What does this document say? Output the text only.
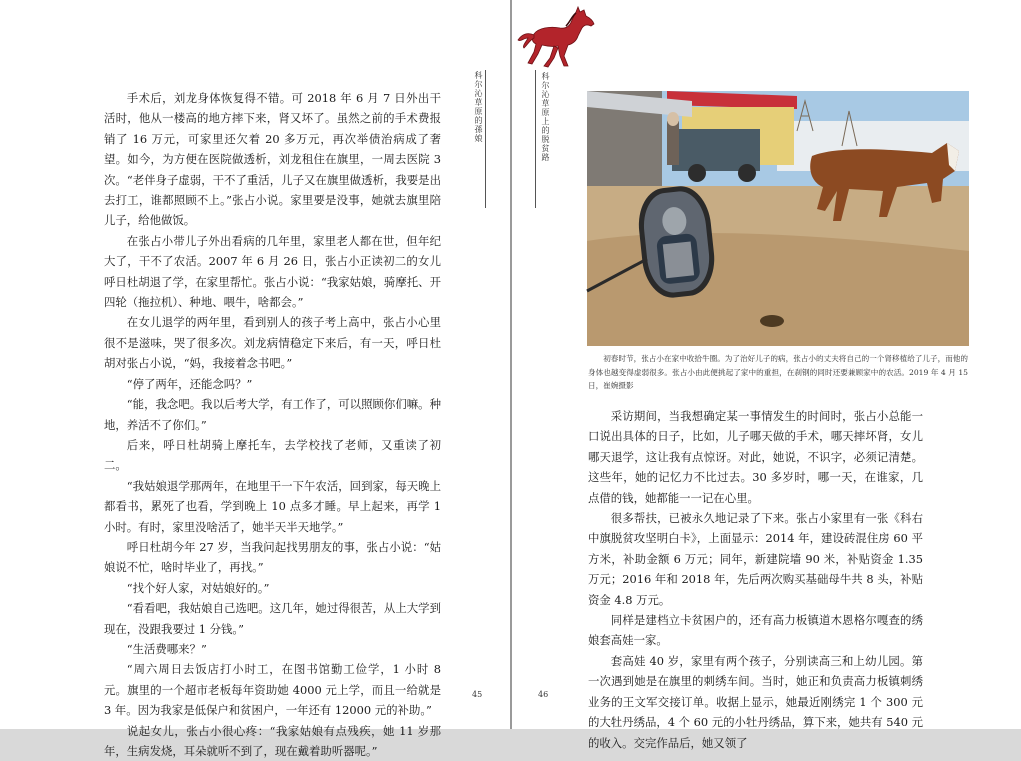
科尔沁草原的孫娘

手术后，刘龙身体恢复得不错。可 2018 年 6 月 7 日外出干活时，他从一楼高的地方摔下来，肾又坏了。虽然之前的手术费报销了 16 万元，可家里还欠着 20 多万元，再次举债治病成了奢望。如今，为方便在医院做透析，刘龙租住在旗里，一周去医院 3 次。“老伴身子虚弱，干不了重活，儿子又在旗里做透析，我要是出去打工，谁都照顾不上。”张占小说。家里要是没事，她就去旗里陪儿子，给他做饭。

在张占小带儿子外出看病的几年里，家里老人都在世，但年纪大了，干不了农活。2007 年 6 月 26 日，张占小正读初二的女儿呼日杜胡退了学，在家里帮忙。张占小说：“我家姑娘，骑摩托、开四轮（拖拉机）、种地、喂牛，啥都会。”

在女儿退学的两年里，看到别人的孩子考上高中，张占小心里很不是滋味，哭了很多次。刘龙病情稳定下来后，有一天，呼日杜胡对张占小说，“妈，我接着念书吧。”

“停了两年，还能念吗？”

“能，我念吧。我以后考大学，有工作了，可以照顾你们嘛。种地，养活不了你们。”

后来，呼日杜胡骑上摩托车，去学校找了老师，又重读了初二。

“我姑娘退学那两年，在地里干一下午农活，回到家，每天晚上都看书，累死了也看，学到晚上 10 点多才睡。早上起来，再学 1 小时。有时，家里没啥活了，她半天半天地学。”

呼日杜胡今年 27 岁，当我问起找男朋友的事，张占小说：“姑娘说不忙，啥时毕业了，再找。”

“找个好人家，对姑娘好的。”

“看看吧，我姑娘自己选吧。这几年，她过得很苦，从上大学到现在，没跟我要过 1 分钱。”

“生活费哪来？”

“周六周日去饭店打小时工，在图书馆勤工俭学，1 小时 8 元。旗里的一个超市老板每年资助她 4000 元上学，而且一给就是 3 年。因为我家是低保户和贫困户，一年还有 12000 元的补助。”

说起女儿，张占小很心疼：“我家姑娘有点残疾，她 11 岁那年，生病发烧，耳朵就听不到了，现在戴着助听器呢。”

45
科尔沁草原上的脱贫路

初春时节，张占小在家中收拾牛圈。为了治好儿子的病，张占小的丈夫将自己的一个肾移植给了儿子，而他的身体也越变得虚弱很多。张占小由此便挑起了家中的重担，在刹钢的同时还要兼顾家中的农活。2019 年 4 月 15 日，崔婉摄影

采访期间，当我想确定某一事情发生的时间时，张占小总能一口说出具体的日子，比如，儿子哪天做的手术，哪天摔坏肾，女儿哪天退学，这让我有点惊讶。对此，她说，不识字，必须记清楚。这些年，她的记忆力不比过去。30 多岁时，哪一天，在谁家，几点借的钱，她都能一一记在心里。

很多帮扶，已被永久地记录了下来。张占小家里有一张《科右中旗脱贫攻坚明白卡》，上面显示：2014 年，建设砖混住房 60 平方米，补助金额 6 万元；同年，新建院墙 90 米，补贴资金 1.35 万元；2016 年和 2018 年，先后两次购买基础母牛共 8 头，补贴资金 4.8 万元。

同样是建档立卡贫困户的，还有高力板镇道木恩格尔嘎查的绣娘套高娃一家。

套高娃 40 岁，家里有两个孩子，分别读高三和上幼儿园。第一次遇到她是在旗里的刺绣车间。当时，她正和负责高力板镇刺绣业务的王文军交接订单。收据上显示，她最近刚绣完 1 个 300 元的大牡丹绣品，4 个 60 元的小牡丹绣品，算下来，她共有 540 元的收入。交完作品后，她又领了

46
